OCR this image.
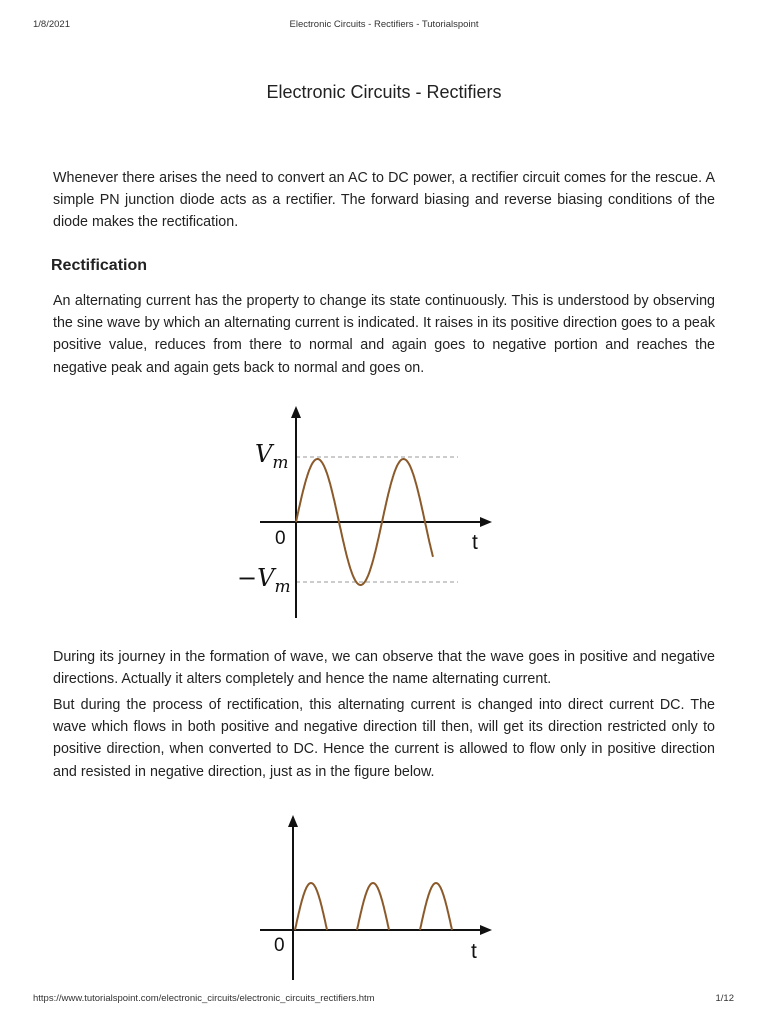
1/8/2021	Electronic Circuits - Rectifiers - Tutorialspoint
Electronic Circuits - Rectifiers

Whenever there arises the need to convert an AC to DC power, a rectifier circuit comes for the rescue. A simple PN junction diode acts as a rectifier. The forward biasing and reverse biasing conditions of the diode makes the rectification.

Rectification

An alternating current has the property to change its state continuously. This is understood by observing the sine wave by which an alternating current is indicated. It raises in its positive direction goes to a peak positive value, reduces from there to normal and again goes to negative portion and reaches the negative peak and again gets back to normal and goes on.

$V_m$
$-V_m$
0	t

During its journey in the formation of wave, we can observe that the wave goes in positive and negative directions. Actually it alters completely and hence the name alternating current.

But during the process of rectification, this alternating current is changed into direct current DC. The wave which flows in both positive and negative direction till then, will get its direction restricted only to positive direction, when converted to DC. Hence the current is allowed to flow only in positive direction and resisted in negative direction, just as in the figure below.

0	t
https://www.tutorialspoint.com/electronic_circuits/electronic_circuits_rectifiers.htm	1/12
